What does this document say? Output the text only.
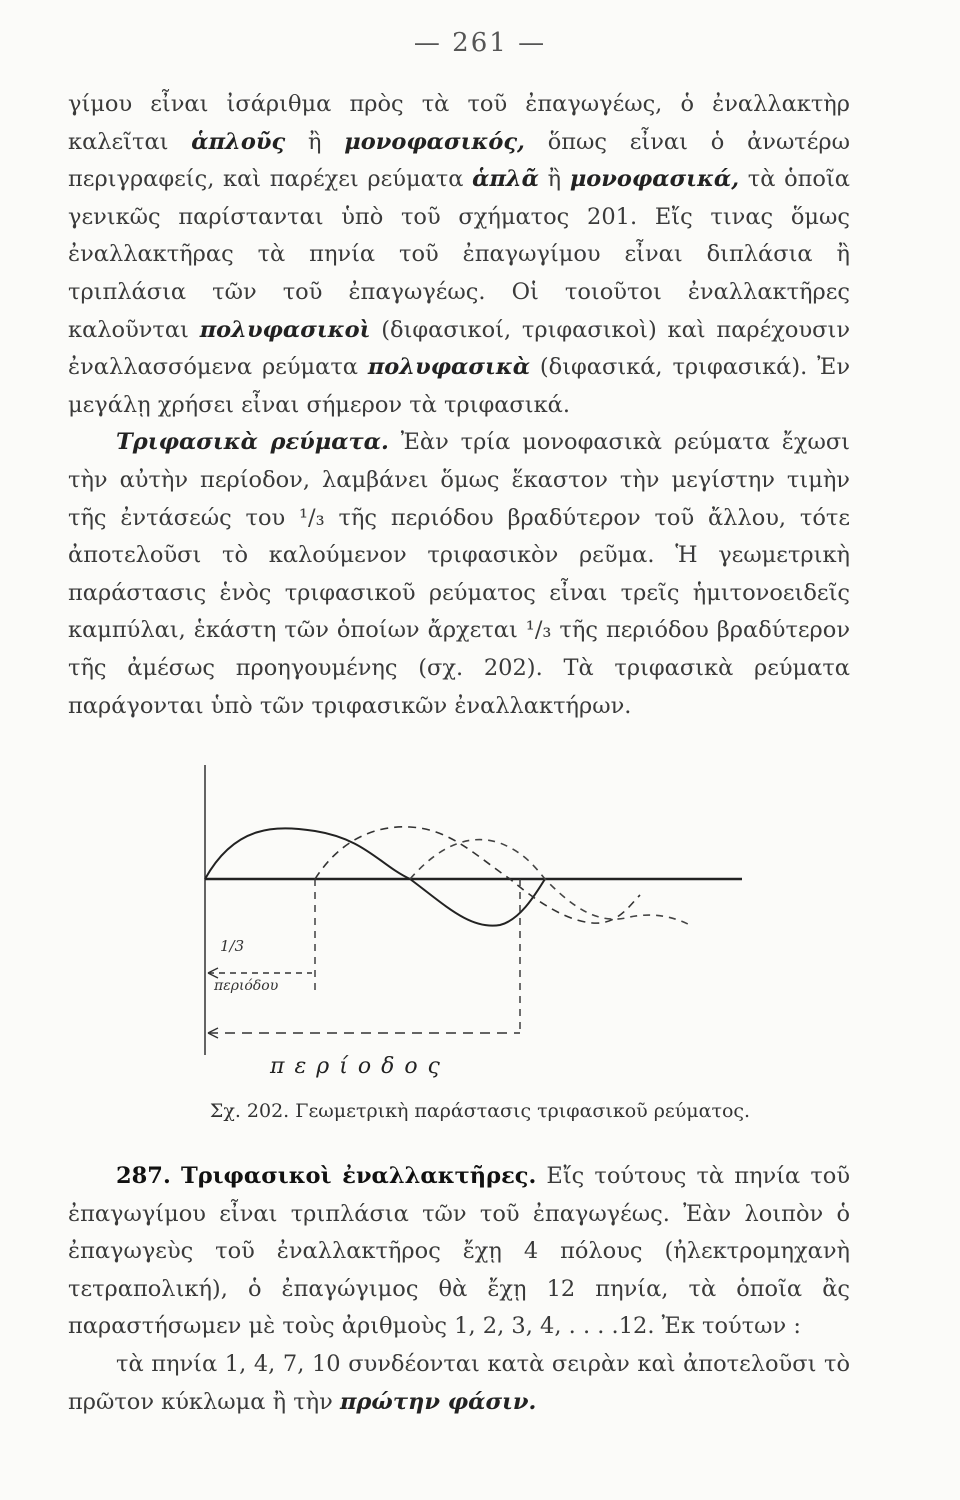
— 261 —

γίμου εἶναι ἰσάριθμα πρὸς τὰ τοῦ ἐπαγωγέως, ὁ ἐναλλακτὴρ καλεῖται ἁπλοῦς ἢ μονοφασικός, ὅπως εἶναι ὁ ἀνωτέρω περιγραφείς, καὶ παρέχει ρεύματα ἁπλᾶ ἢ μονοφασικά, τὰ ὁποῖα γενικῶς παρίστανται ὑπὸ τοῦ σχήματος 201. Εἴς τινας ὅμως ἐναλλακτῆρας τὰ πηνία τοῦ ἐπαγωγίμου εἶναι διπλάσια ἢ τριπλάσια τῶν τοῦ ἐπαγωγέως. Οἱ τοιοῦτοι ἐναλλακτῆρες καλοῦνται πολυφασικοὶ (διφασικοί, τριφασικοὶ) καὶ παρέχουσιν ἐναλλασσόμενα ρεύματα πολυφασικὰ (διφασικά, τριφασικά). Ἐν μεγάλῃ χρήσει εἶναι σήμερον τὰ τριφασικά.

Τριφασικὰ ρεύματα. Ἐὰν τρία μονοφασικὰ ρεύματα ἔχωσι τὴν αὐτὴν περίοδον, λαμβάνει ὅμως ἕκαστον τὴν μεγίστην τιμὴν τῆς ἐντάσεώς του ¹/₃ τῆς περιόδου βραδύτερον τοῦ ἄλλου, τότε ἀποτελοῦσι τὸ καλούμενον τριφασικὸν ρεῦμα. Ἡ γεωμετρικὴ παράστασις ἑνὸς τριφασικοῦ ρεύματος εἶναι τρεῖς ἡμιτονοειδεῖς καμπύλαι, ἑκάστη τῶν ὁποίων ἄρχεται ¹/₃ τῆς περιόδου βραδύτερον τῆς ἀμέσως προηγουμένης (σχ. 202). Τὰ τριφασικὰ ρεύματα παράγονται ὑπὸ τῶν τριφασικῶν ἐναλλακτήρων.

1/3
περιόδου
περίοδος
Σχ. 202. Γεωμετρικὴ παράστασις τριφασικοῦ ρεύματος.

287. Τριφασικοὶ ἐναλλακτῆρες. Εἴς τούτους τὰ πηνία τοῦ ἐπαγωγίμου εἶναι τριπλάσια τῶν τοῦ ἐπαγωγέως. Ἐὰν λοιπὸν ὁ ἐπαγωγεὺς τοῦ ἐναλλακτῆρος ἔχῃ 4 πόλους (ἠλεκτρομηχανὴ τετραπολική), ὁ ἐπαγώγιμος θὰ ἔχῃ 12 πηνία, τὰ ὁποῖα ἂς παραστήσωμεν μὲ τοὺς ἀριθμοὺς 1, 2, 3, 4, . . . .12. Ἐκ τούτων :

τὰ πηνία 1, 4, 7, 10 συνδέονται κατὰ σειρὰν καὶ ἀποτελοῦσι τὸ πρῶτον κύκλωμα ἢ τὴν πρώτην φάσιν.
